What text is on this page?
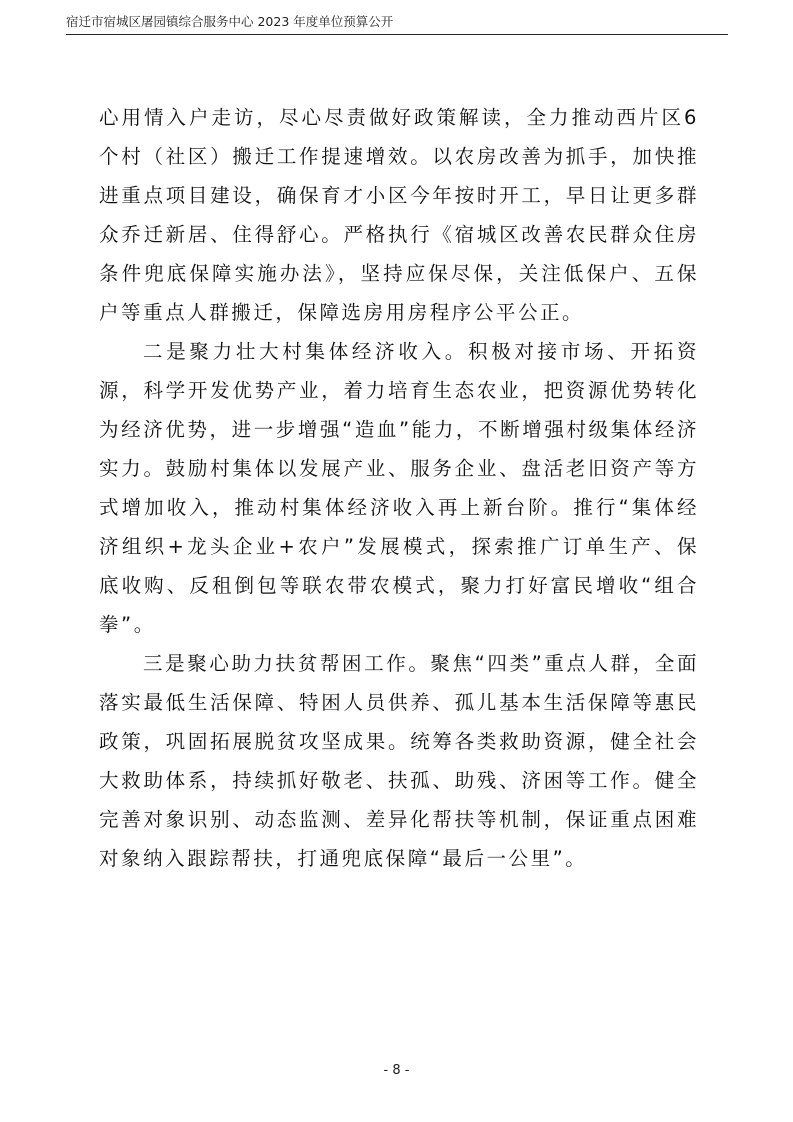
宿迁市宿城区屠园镇综合服务中心 2023 年度单位预算公开

心用情入户走访，尽心尽责做好政策解读，全力推动西片区6个村（社区）搬迁工作提速增效。以农房改善为抓手，加快推进重点项目建设，确保育才小区今年按时开工，早日让更多群众乔迁新居、住得舒心。严格执行《宿城区改善农民群众住房条件兜底保障实施办法》，坚持应保尽保，关注低保户、五保户等重点人群搬迁，保障选房用房程序公平公正。

二是聚力壮大村集体经济收入。积极对接市场、开拓资源，科学开发优势产业，着力培育生态农业，把资源优势转化为经济优势，进一步增强“造血”能力，不断增强村级集体经济实力。鼓励村集体以发展产业、服务企业、盘活老旧资产等方式增加收入，推动村集体经济收入再上新台阶。推行“集体经济组织+龙头企业+农户”发展模式，探索推广订单生产、保底收购、反租倒包等联农带农模式，聚力打好富民增收“组合拳”。

三是聚心助力扶贫帮困工作。聚焦“四类”重点人群，全面落实最低生活保障、特困人员供养、孤儿基本生活保障等惠民政策，巩固拓展脱贫攻坚成果。统筹各类救助资源，健全社会大救助体系，持续抓好敬老、扶孤、助残、济困等工作。健全完善对象识别、动态监测、差异化帮扶等机制，保证重点困难对象纳入跟踪帮扶，打通兜底保障“最后一公里”。

- 8 -
